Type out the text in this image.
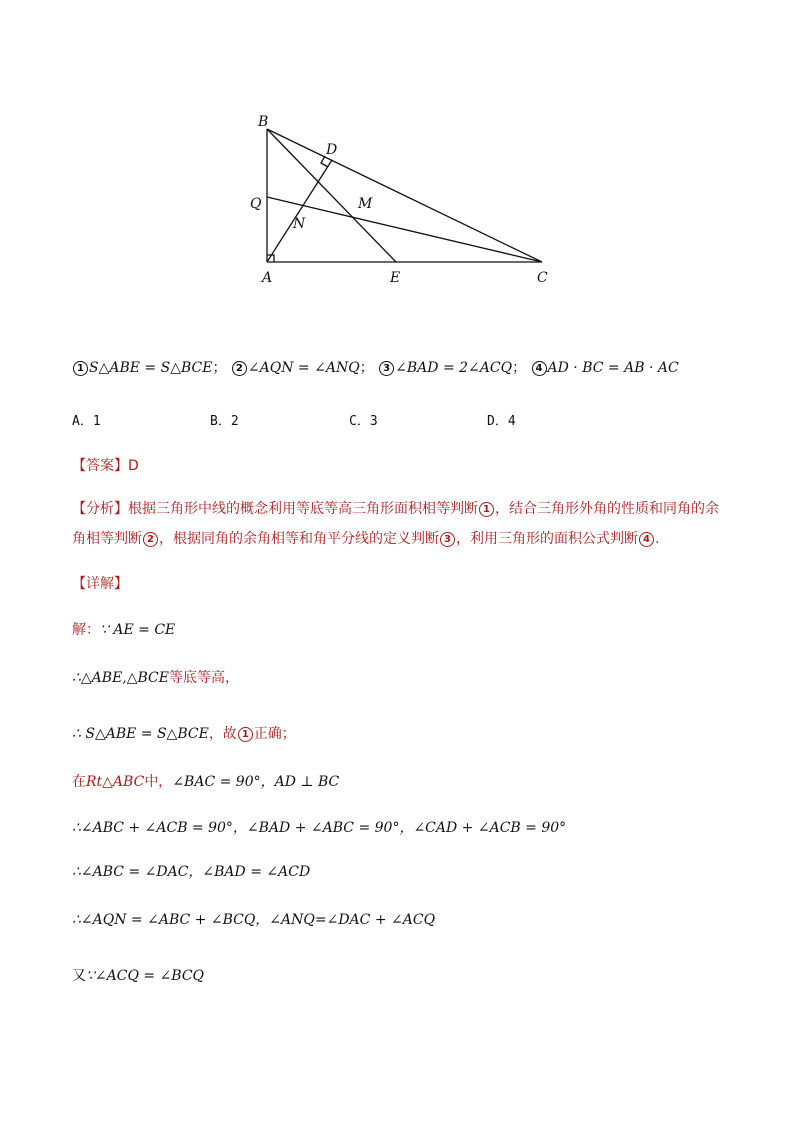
B
D
Q	M
N
A	E	C
1 S△ABE = S△BCE； 2 ∠AQN = ∠ANQ； 3 ∠BAD = 2∠ACQ； 4 AD · BC = AB · AC
A．1	B．2	C．3	D．4
【答案】D
【分析】根据三角形中线的概念利用等底等高三角形面积相等判断 1 ，结合三角形外角的性质和同角的余角相等判断 2 ，根据同角的余角相等和角平分线的定义判断 3 ，利用三角形的面积公式判断 4 .
【详解】
解：∵ AE = CE
∴△ABE,△BCE等底等高，
∴ S△ABE = S△BCE，故 1 正确；
在Rt△ABC中，∠BAC = 90°，AD ⊥ BC
∴∠ABC + ∠ACB = 90°，∠BAD + ∠ABC = 90°，∠CAD + ∠ACB = 90°
∴∠ABC = ∠DAC，∠BAD = ∠ACD
∴∠AQN = ∠ABC + ∠BCQ，∠ANQ=∠DAC + ∠ACQ
又∵∠ACQ = ∠BCQ
